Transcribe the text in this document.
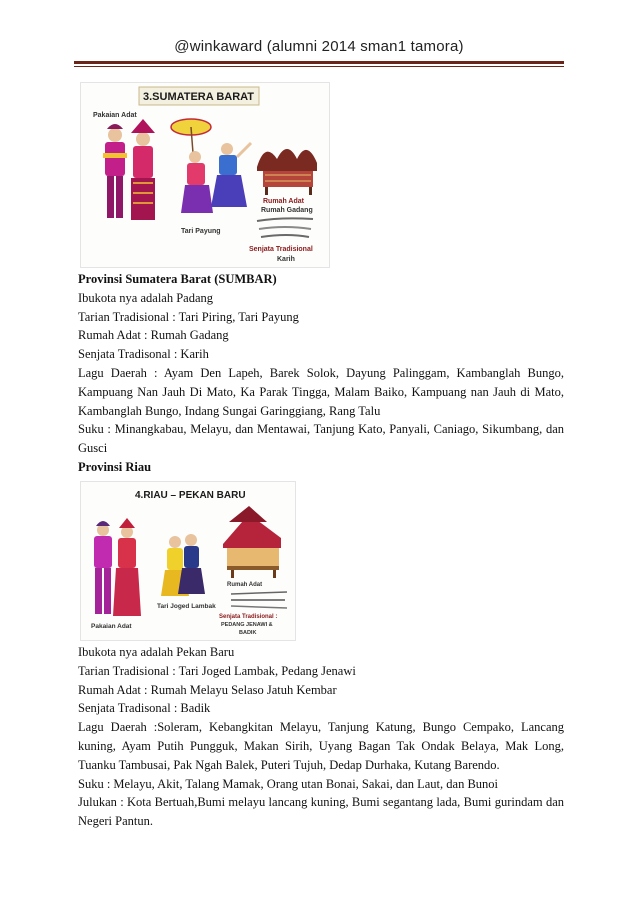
@winkaward (alumni 2014 sman1 tamora)
3.SUMATERA BARAT
Pakaian Adat
Tari Payung
Rumah Adat
Rumah Gadang
Senjata Tradisional
Karih

Provinsi Sumatera Barat (SUMBAR)

Ibukota nya adalah Padang

Tarian Tradisional : Tari Piring, Tari Payung

Rumah Adat : Rumah Gadang

Senjata Tradisonal : Karih

Lagu Daerah : Ayam Den Lapeh, Barek Solok, Dayung Palinggam, Kambanglah Bungo, Kampuang Nan Jauh Di Mato, Ka Parak Tingga, Malam Baiko, Kampuang nan Jauh di Mato, Kambanglah Bungo, Indang Sungai Garinggiang, Rang Talu

Suku : Minangkabau, Melayu, dan Mentawai, Tanjung Kato, Panyali, Caniago, Sikumbang, dan Gusci

Provinsi Riau

4.RIAU – PEKAN BARU
Pakaian Adat
Tari Joged Lambak
Rumah Adat
Senjata Tradisional :
PEDANG JENAWI &
BADIK

Ibukota nya adalah Pekan Baru

Tarian Tradisional : Tari Joged Lambak, Pedang Jenawi

Rumah Adat : Rumah Melayu Selaso Jatuh Kembar

Senjata Tradisonal : Badik

Lagu Daerah :Soleram, Kebangkitan Melayu, Tanjung Katung, Bungo Cempako, Lancang kuning, Ayam Putih Pungguk, Makan Sirih, Uyang Bagan Tak Ondak Belaya, Mak Long, Tuanku Tambusai, Pak Ngah Balek, Puteri Tujuh, Dedap Durhaka, Kutang Barendo.

Suku : Melayu, Akit, Talang Mamak, Orang utan Bonai, Sakai, dan Laut, dan Bunoi

Julukan : Kota Bertuah,Bumi melayu lancang kuning, Bumi segantang lada, Bumi gurindam dan Negeri Pantun.
